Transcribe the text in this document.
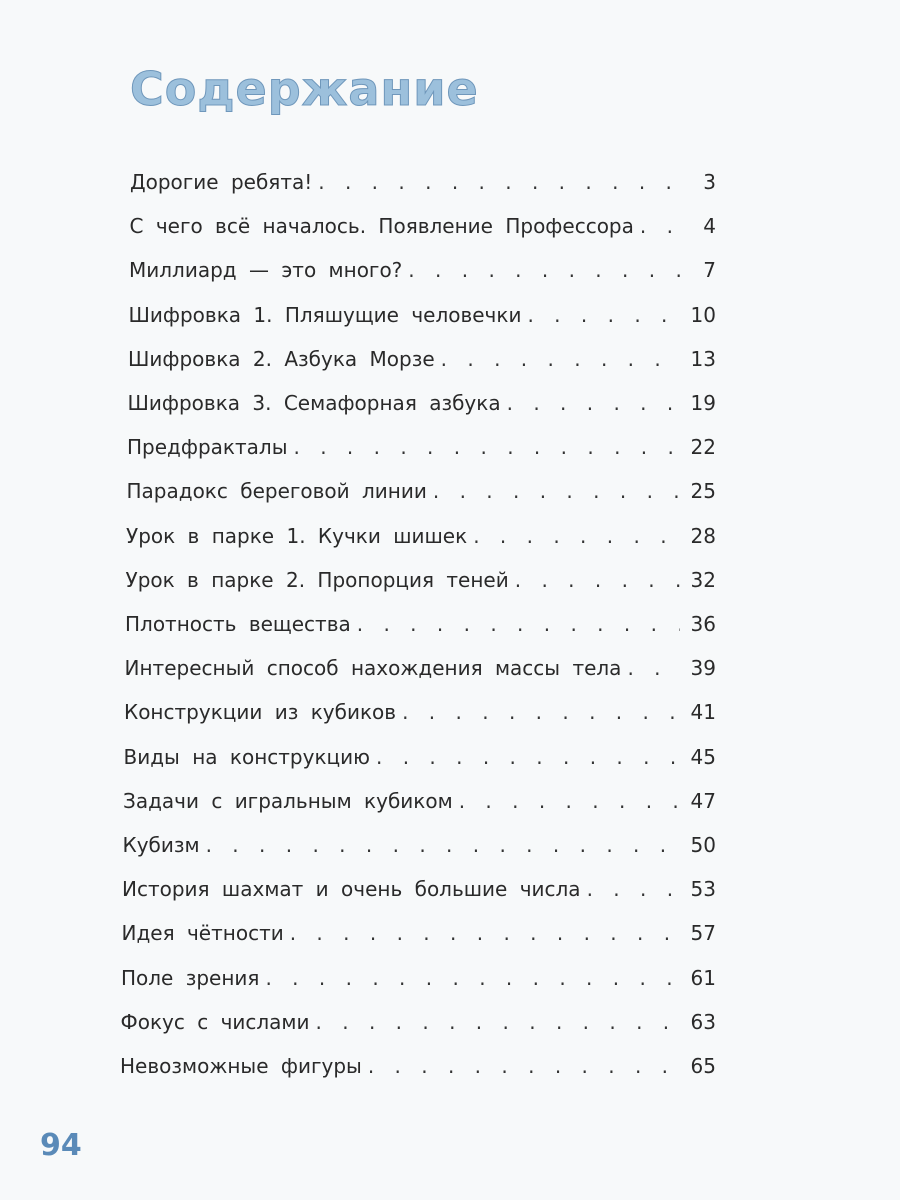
Содержание
Дорогие ребята! . . .	3
С чего всё началось. Появление Профессора . . .	4
Миллиард — это много? . . .	7
Шифровка 1. Пляшущие человечки . . .	10
Шифровка 2. Азбука Морзе . . .	13
Шифровка 3. Семафорная азбука . . .	19
Предфракталы . . .	22
Парадокс береговой линии . . .	25
Урок в парке 1. Кучки шишек . . .	28
Урок в парке 2. Пропорция теней . . .	32
Плотность вещества . . .	36
Интересный способ нахождения массы тела . . .	39
Конструкции из кубиков . . .	41
Виды на конструкцию . . .	45
Задачи с игральным кубиком . . .	47
Кубизм . . .	50
История шахмат и очень большие числа . . .	53
Идея чётности . . .	57
Поле зрения . . .	61
Фокус с числами . . .	63
Невозможные фигуры . . .	65
94
